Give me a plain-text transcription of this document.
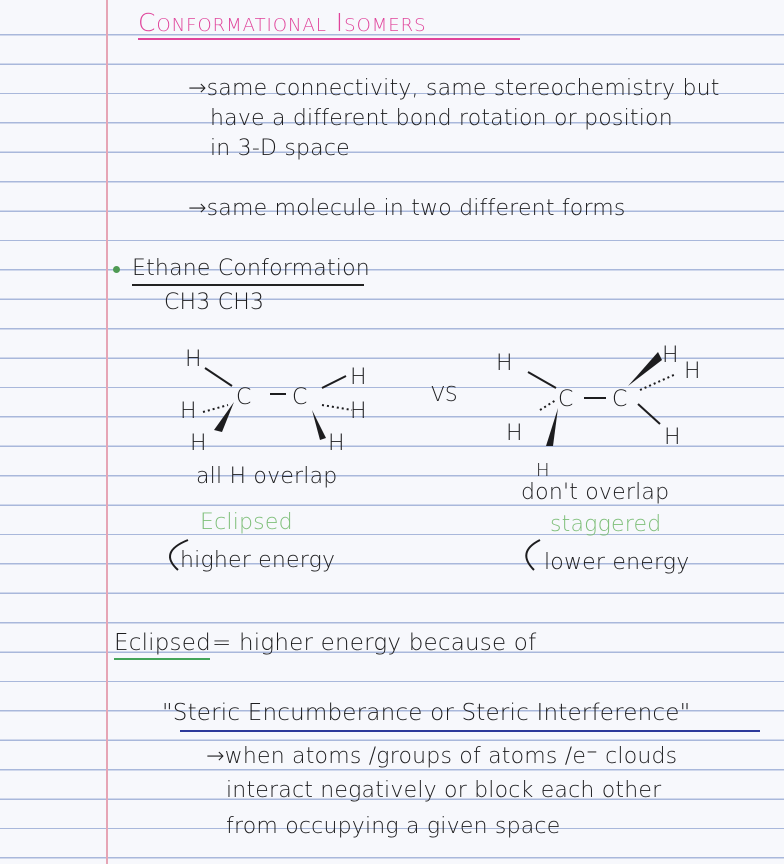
Conformational Isomers
→same connectivity, same stereochemistry but
have a different bond rotation or position
in 3-D space
→same molecule in two different forms
Ethane Conformation
CH3 CH3
H
C C
H
H	H
H	H
VS
H
C C
H
H
H	H
H
all H overlap
don't overlap
Eclipsed	staggered
higher energy	lower energy
Eclipsed = higher energy because of
"Steric Encumberance or Steric Interference"
→when atoms /groups of atoms /e⁻ clouds
interact negatively or block each other
from occupying a given space
